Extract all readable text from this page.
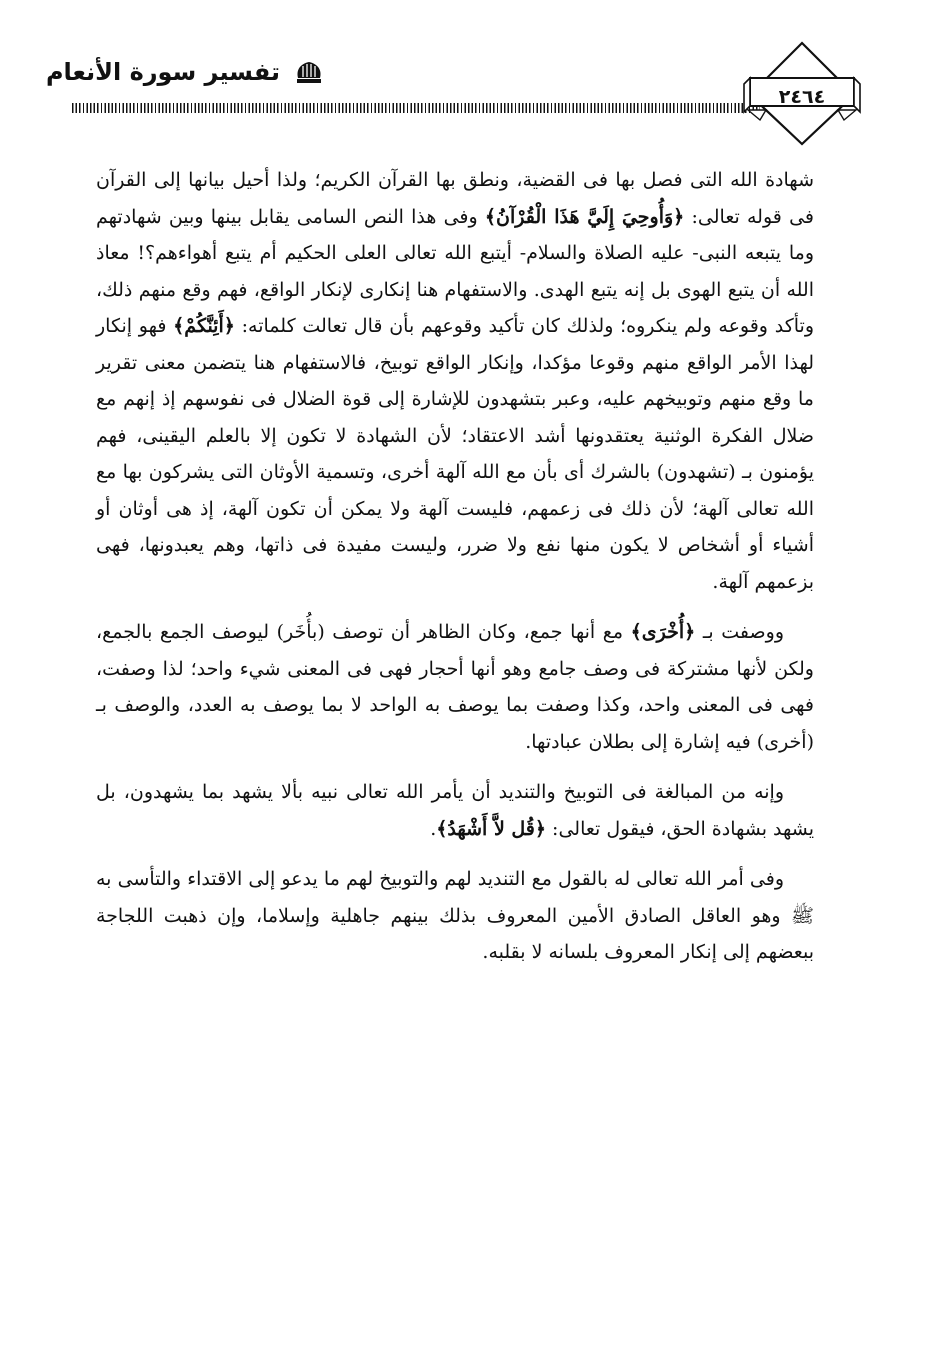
تفسير سورة الأنعام
٢٤٦٤

شهادة الله التى فصل بها فى القضية، ونطق بها القرآن الكريم؛ ولذا أحيل بيانها إلى القرآن فى قوله تعالى: ﴿وَأُوحِيَ إِلَيَّ هَذَا الْقُرْآنُ﴾ وفى هذا النص السامى يقابل بينها وبين شهادتهم وما يتبعه النبى- عليه الصلاة والسلام- أيتبع الله تعالى العلى الحكيم أم يتبع أهواءهم؟! معاذ الله أن يتبع الهوى بل إنه يتبع الهدى. والاستفهام هنا إنكارى لإنكار الواقع، فهم وقع منهم ذلك، وتأكد وقوعه ولم ينكروه؛ ولذلك كان تأكيد وقوعهم بأن قال تعالت كلماته: ﴿أَئِنَّكُمْ﴾ فهو إنكار لهذا الأمر الواقع منهم وقوعا مؤكدا، وإنكار الواقع توبيخ، فالاستفهام هنا يتضمن معنى تقرير ما وقع منهم وتوبيخهم عليه، وعبر بتشهدون للإشارة إلى قوة الضلال فى نفوسهم إذ إنهم مع ضلال الفكرة الوثنية يعتقدونها أشد الاعتقاد؛ لأن الشهادة لا تكون إلا بالعلم اليقينى، فهم يؤمنون بـ (تشهدون) بالشرك أى بأن مع الله آلهة أخرى، وتسمية الأوثان التى يشركون بها مع الله تعالى آلهة؛ لأن ذلك فى زعمهم، فليست آلهة ولا يمكن أن تكون آلهة، إذ هى أوثان أو أشياء أو أشخاص لا يكون منها نفع ولا ضرر، وليست مفيدة فى ذاتها، وهم يعبدونها، فهى بزعمهم آلهة.

ووصفت بـ ﴿أُخْرَى﴾ مع أنها جمع، وكان الظاهر أن توصف (بأُخَر) ليوصف الجمع بالجمع، ولكن لأنها مشتركة فى وصف جامع وهو أنها أحجار فهى فى المعنى شيء واحد؛ لذا وصفت، فهى فى المعنى واحد، وكذا وصفت بما يوصف به الواحد لا بما يوصف به العدد، والوصف بـ (أخرى) فيه إشارة إلى بطلان عبادتها.

وإنه من المبالغة فى التوبيخ والتنديد أن يأمر الله تعالى نبيه بألا يشهد بما يشهدون، بل يشهد بشهادة الحق، فيقول تعالى: ﴿قُل لاَّ أَشْهَدُ﴾.

وفى أمر الله تعالى له بالقول مع التنديد لهم والتوبيخ لهم ما يدعو إلى الاقتداء والتأسى به ﷺ وهو العاقل الصادق الأمين المعروف بذلك بينهم جاهلية وإسلاما، وإن ذهبت اللجاجة ببعضهم إلى إنكار المعروف بلسانه لا بقلبه.
